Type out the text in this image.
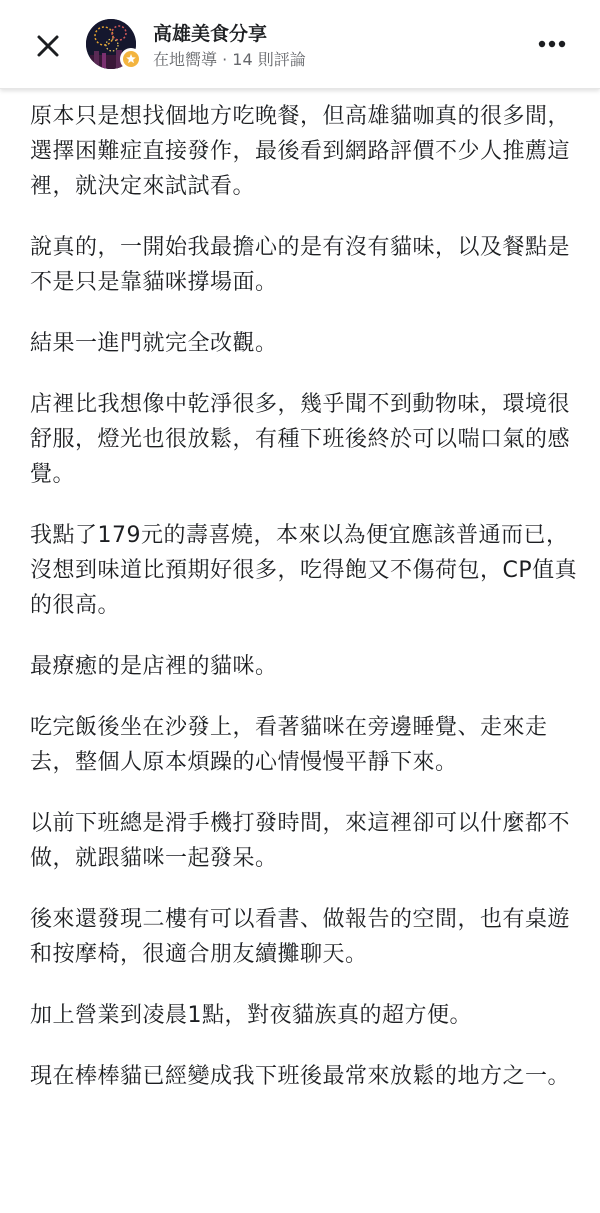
高雄美食分享
在地嚮導 · 14 則評論

原本只是想找個地方吃晚餐，但高雄貓咖真的很多間，選擇困難症直接發作，最後看到網路評價不少人推薦這裡，就決定來試試看。

說真的，一開始我最擔心的是有沒有貓味，以及餐點是不是只是靠貓咪撐場面。

結果一進門就完全改觀。

店裡比我想像中乾淨很多，幾乎聞不到動物味，環境很舒服，燈光也很放鬆，有種下班後終於可以喘口氣的感覺。

我點了179元的壽喜燒，本來以為便宜應該普通而已，沒想到味道比預期好很多，吃得飽又不傷荷包，CP值真的很高。

最療癒的是店裡的貓咪。

吃完飯後坐在沙發上，看著貓咪在旁邊睡覺、走來走去，整個人原本煩躁的心情慢慢平靜下來。

以前下班總是滑手機打發時間，來這裡卻可以什麼都不做，就跟貓咪一起發呆。

後來還發現二樓有可以看書、做報告的空間，也有桌遊和按摩椅，很適合朋友續攤聊天。

加上營業到凌晨1點，對夜貓族真的超方便。

現在棒棒貓已經變成我下班後最常來放鬆的地方之一。
